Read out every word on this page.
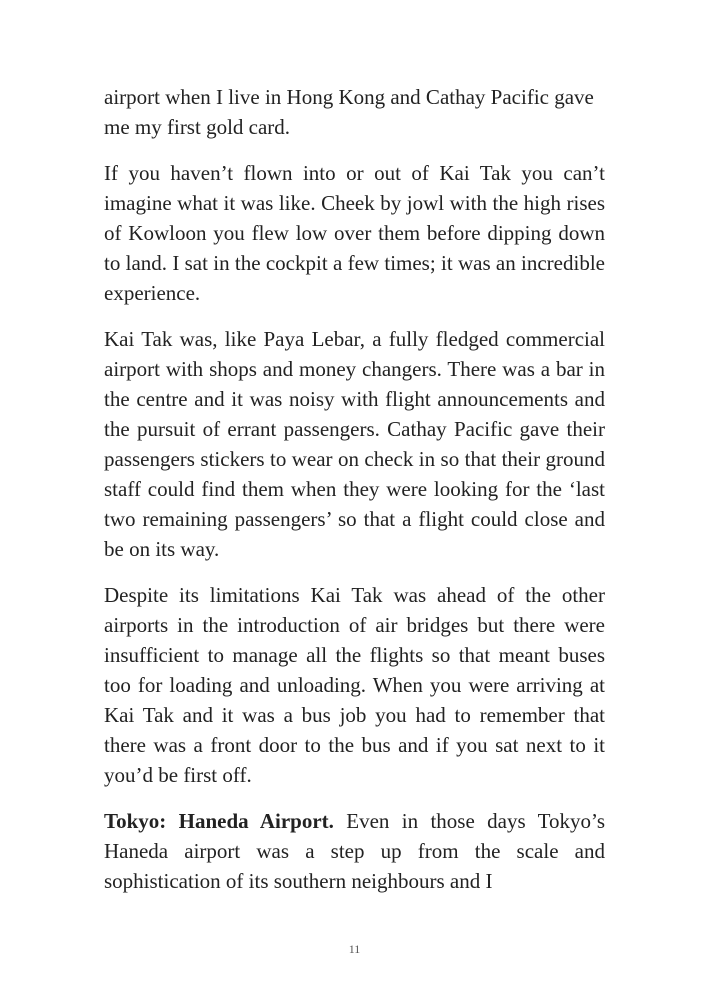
airport when I live in Hong Kong and Cathay Pacific gave me my first gold card.

If you haven’t flown into or out of Kai Tak you can’t imagine what it was like. Cheek by jowl with the high rises of Kowloon you flew low over them before dipping down to land. I sat in the cockpit a few times; it was an incredible experience.

Kai Tak was, like Paya Lebar, a fully fledged commercial airport with shops and money changers. There was a bar in the centre and it was noisy with flight announcements and the pursuit of errant passengers. Cathay Pacific gave their passengers stickers to wear on check in so that their ground staff could find them when they were looking for the ‘last two remaining passengers’ so that a flight could close and be on its way.

Despite its limitations Kai Tak was ahead of the other airports in the introduction of air bridges but there were insufficient to manage all the flights so that meant buses too for loading and unloading. When you were arriving at Kai Tak and it was a bus job you had to remember that there was a front door to the bus and if you sat next to it you’d be first off.

Tokyo: Haneda Airport. Even in those days Tokyo’s Haneda airport was a step up from the scale and sophistication of its southern neighbours and I

11
